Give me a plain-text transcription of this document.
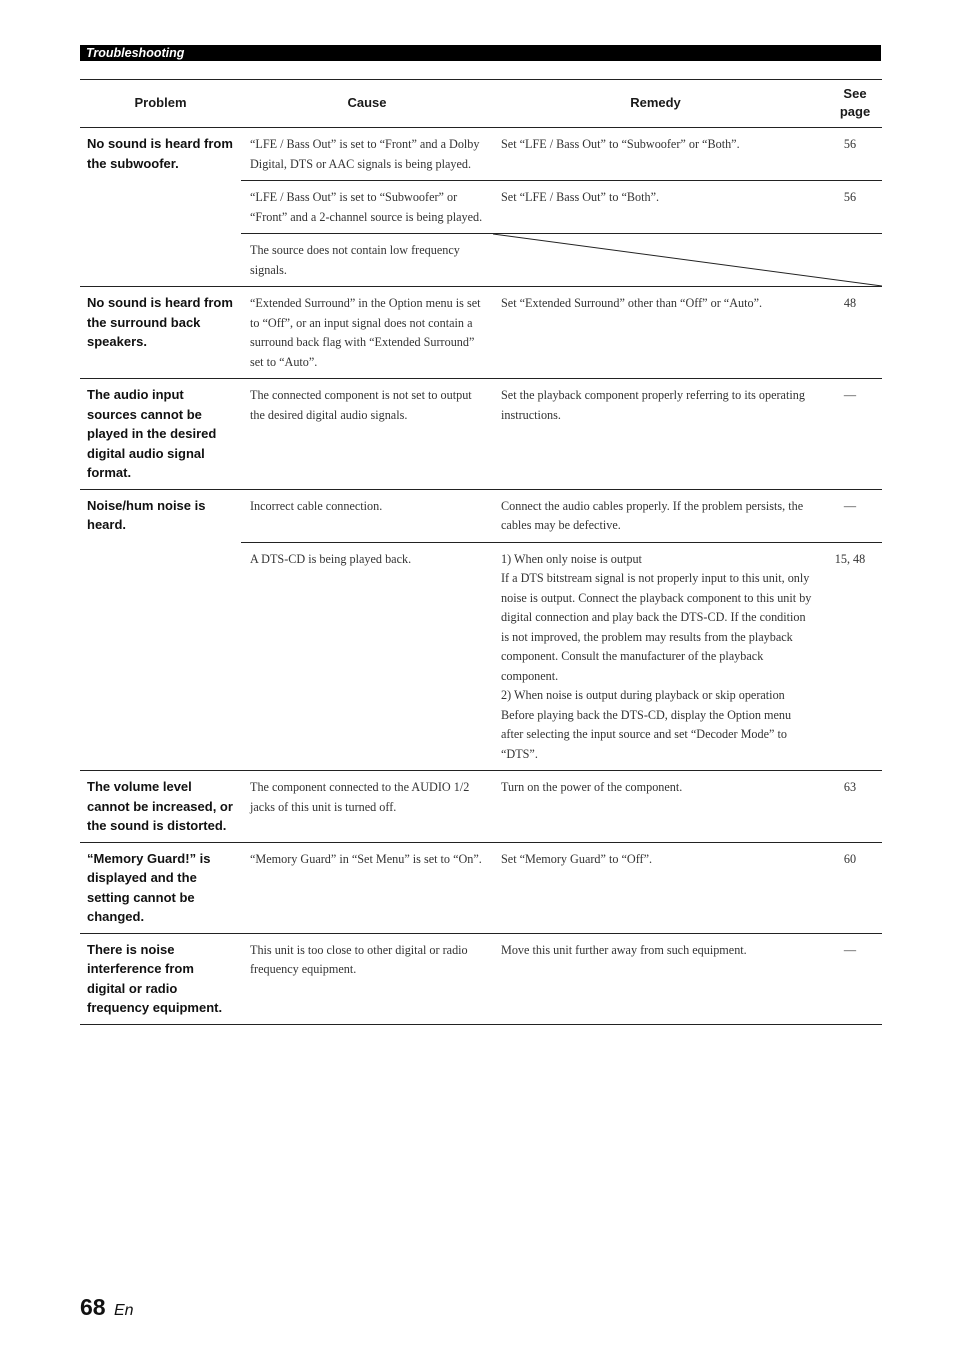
Troubleshooting
Problem	Cause	Remedy	See page
No sound is heard from the subwoofer.	“LFE / Bass Out” is set to “Front” and a Dolby Digital, DTS or AAC signals is being played.	Set “LFE / Bass Out” to “Subwoofer” or “Both”.	56
	“LFE / Bass Out” is set to “Subwoofer” or “Front” and a 2-channel source is being played.	Set “LFE / Bass Out” to “Both”.	56
	The source does not contain low frequency signals.	

No sound is heard from the surround back speakers.	“Extended Surround” in the Option menu is set to “Off”, or an input signal does not contain a surround back flag with “Extended Surround” set to “Auto”.	Set “Extended Surround” other than “Off” or “Auto”.	48
The audio input sources cannot be played in the desired digital audio signal format.	The connected component is not set to output the desired digital audio signals.	Set the playback component properly referring to its operating instructions.	—
Noise/hum noise is heard.	Incorrect cable connection.	Connect the audio cables properly. If the problem persists, the cables may be defective.	—
	A DTS-CD is being played back.	1) When only noise is output

If a DTS bitstream signal is not properly input to this unit, only noise is output. Connect the playback component to this unit by digital connection and play back the DTS-CD. If the condition is not improved, the problem may results from the playback component. Consult the manufacturer of the playback component.

2) When noise is output during playback or skip operation

Before playing back the DTS-CD, display the Option menu after selecting the input source and set “Decoder Mode” to “DTS”.	15, 48
The volume level cannot be increased, or the sound is distorted.	The component connected to the AUDIO 1/2 jacks of this unit is turned off.	Turn on the power of the component.	63
“Memory Guard!” is displayed and the setting cannot be changed.	“Memory Guard” in “Set Menu” is set to “On”.	Set “Memory Guard” to “Off”.	60
There is noise interference from digital or radio frequency equipment.	This unit is too close to other digital or radio frequency equipment.	Move this unit further away from such equipment.	—
68 En
